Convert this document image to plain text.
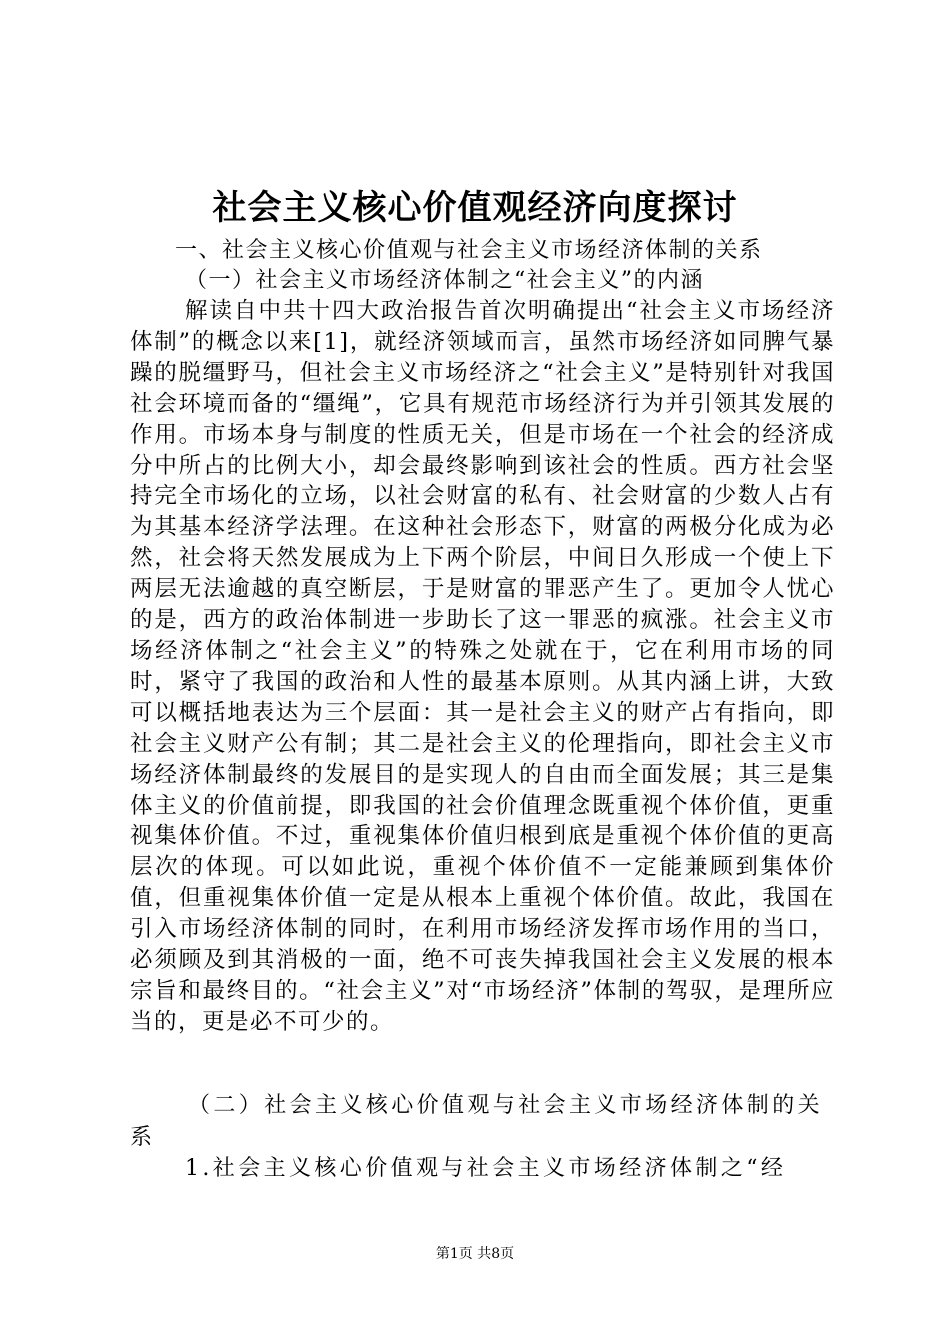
社会主义核心价值观经济向度探讨

一、社会主义核心价值观与社会主义市场经济体制的关系

（一）社会主义市场经济体制之“社会主义”的内涵

解读自中共十四大政治报告首次明确提出“社会主义市场经济体制”的概念以来[1]，就经济领域而言，虽然市场经济如同脾气暴躁的脱缰野马，但社会主义市场经济之“社会主义”是特别针对我国社会环境而备的“缰绳”，它具有规范市场经济行为并引领其发展的作用。市场本身与制度的性质无关，但是市场在一个社会的经济成分中所占的比例大小，却会最终影响到该社会的性质。西方社会坚持完全市场化的立场，以社会财富的私有、社会财富的少数人占有为其基本经济学法理。在这种社会形态下，财富的两极分化成为必然，社会将天然发展成为上下两个阶层，中间日久形成一个使上下两层无法逾越的真空断层，于是财富的罪恶产生了。更加令人忧心的是，西方的政治体制进一步助长了这一罪恶的疯涨。社会主义市场经济体制之“社会主义”的特殊之处就在于，它在利用市场的同时，紧守了我国的政治和人性的最基本原则。从其内涵上讲，大致可以概括地表达为三个层面：其一是社会主义的财产占有指向，即社会主义财产公有制；其二是社会主义的伦理指向，即社会主义市场经济体制最终的发展目的是实现人的自由而全面发展；其三是集体主义的价值前提，即我国的社会价值理念既重视个体价值，更重视集体价值。不过，重视集体价值归根到底是重视个体价值的更高层次的体现。可以如此说，重视个体价值不一定能兼顾到集体价值，但重视集体价值一定是从根本上重视个体价值。故此，我国在引入市场经济体制的同时，在利用市场经济发挥市场作用的当口，必须顾及到其消极的一面，绝不可丧失掉我国社会主义发展的根本宗旨和最终目的。“社会主义”对“市场经济”体制的驾驭，是理所应当的，更是必不可少的。

（二）社会主义核心价值观与社会主义市场经济体制的关系

1.社会主义核心价值观与社会主义市场经济体制之“经

第1页 共8页
